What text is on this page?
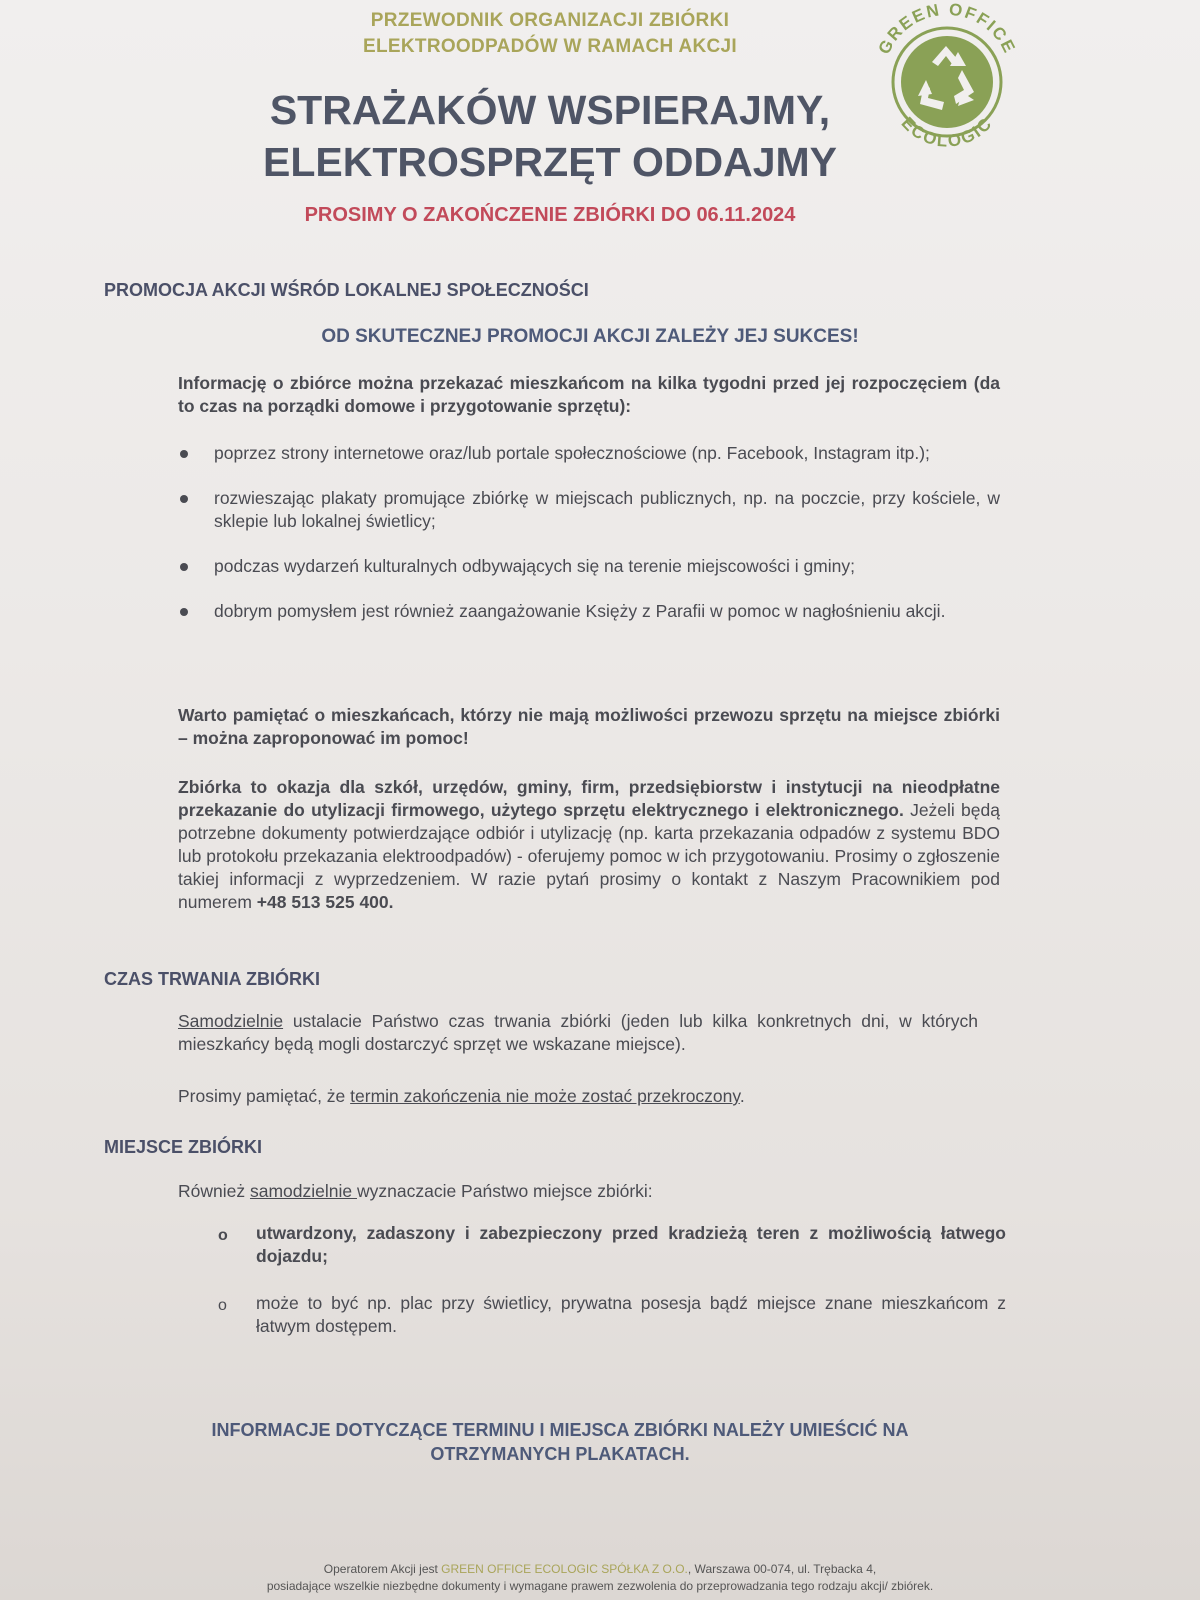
PRZEWODNIK ORGANIZACJI ZBIÓRKI
ELEKTROODPADÓW W RAMACH AKCJI
STRAŻAKÓW WSPIERAJMY,
ELEKTROSPRZĘT ODDAJMY
PROSIMY O ZAKOŃCZENIE ZBIÓRKI DO 06.11.2024
GREEN OFFICE
ECOLOGIC
PROMOCJA AKCJI WŚRÓD LOKALNEJ SPOŁECZNOŚCI
OD SKUTECZNEJ PROMOCJI AKCJI ZALEŻY JEJ SUKCES!

Informację o zbiórce można przekazać mieszkańcom na kilka tygodni przed jej rozpoczęciem (da to czas na porządki domowe i przygotowanie sprzętu):

poprzez strony internetowe oraz/lub portale społecznościowe (np. Facebook, Instagram itp.);
rozwieszając plakaty promujące zbiórkę w miejscach publicznych, np. na poczcie, przy kościele, w sklepie lub lokalnej świetlicy;
podczas wydarzeń kulturalnych odbywających się na terenie miejscowości i gminy;
dobrym pomysłem jest również zaangażowanie Księży z Parafii w pomoc w nagłośnieniu akcji.

Warto pamiętać o mieszkańcach, którzy nie mają możliwości przewozu sprzętu na miejsce zbiórki – można zaproponować im pomoc!

Zbiórka to okazja dla szkół, urzędów, gminy, firm, przedsiębiorstw i instytucji na nieodpłatne przekazanie do utylizacji firmowego, użytego sprzętu elektrycznego i elektronicznego. Jeżeli będą potrzebne dokumenty potwierdzające odbiór i utylizację (np. karta przekazania odpadów z systemu BDO lub protokołu przekazania elektroodpadów) - oferujemy pomoc w ich przygotowaniu. Prosimy o zgłoszenie takiej informacji z wyprzedzeniem. W razie pytań prosimy o kontakt z Naszym Pracownikiem pod numerem +48 513 525 400.

CZAS TRWANIA ZBIÓRKI

Samodzielnie ustalacie Państwo czas trwania zbiórki (jeden lub kilka konkretnych dni, w których mieszkańcy będą mogli dostarczyć sprzęt we wskazane miejsce).

Prosimy pamiętać, że termin zakończenia nie może zostać przekroczony.

MIEJSCE ZBIÓRKI

Również samodzielnie wyznaczacie Państwo miejsce zbiórki:

o utwardzony, zadaszony i zabezpieczony przed kradzieżą teren z możliwością łatwego dojazdu;
o może to być np. plac przy świetlicy, prywatna posesja bądź miejsce znane mieszkańcom z łatwym dostępem.
INFORMACJE DOTYCZĄCE TERMINU I MIEJSCA ZBIÓRKI NALEŻY UMIEŚCIĆ NA
OTRZYMANYCH PLAKATACH.
Operatorem Akcji jest GREEN OFFICE ECOLOGIC SPÓŁKA Z O.O., Warszawa 00-074, ul. Trębacka 4,
posiadające wszelkie niezbędne dokumenty i wymagane prawem zezwolenia do przeprowadzania tego rodzaju akcji/ zbiórek.
